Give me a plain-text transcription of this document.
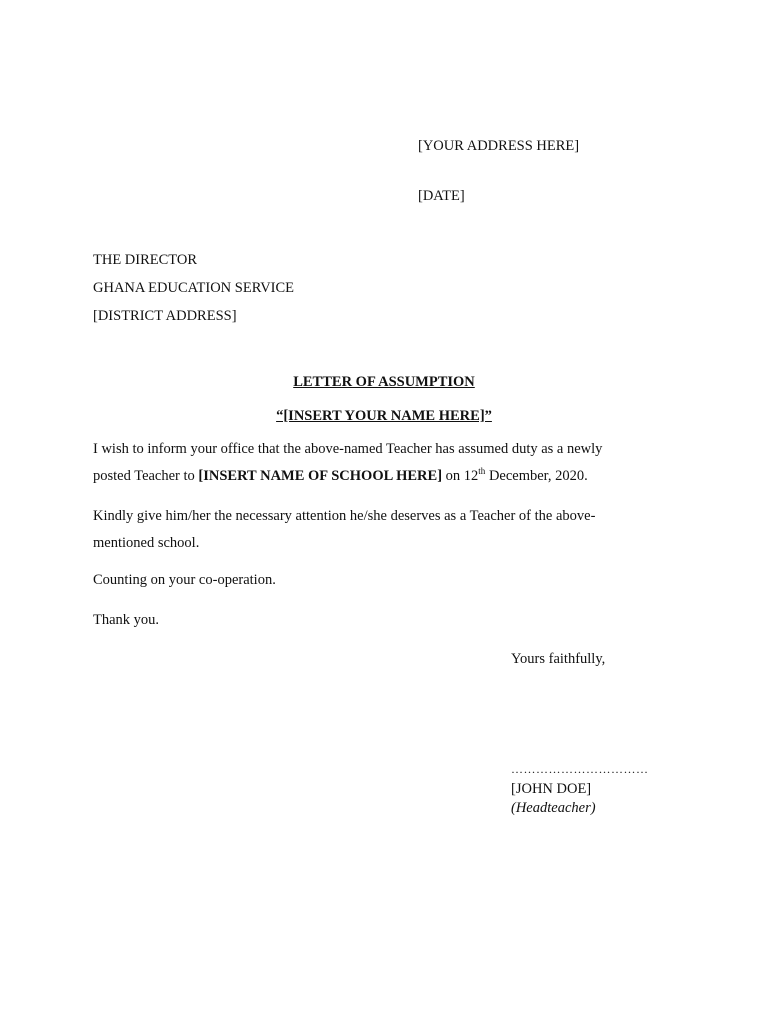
[YOUR ADDRESS HERE]
[DATE]
THE DIRECTOR
GHANA EDUCATION SERVICE
[DISTRICT ADDRESS]
LETTER OF ASSUMPTION
“[INSERT YOUR NAME HERE]”
I wish to inform your office that the above-named Teacher has assumed duty as a newly
posted Teacher to [INSERT NAME OF SCHOOL HERE] on 12th December, 2020.
Kindly give him/her the necessary attention he/she deserves as a Teacher of the above-
mentioned school.
Counting on your co-operation.
Thank you.
Yours faithfully,
……………………………
[JOHN DOE]
(Headteacher)
